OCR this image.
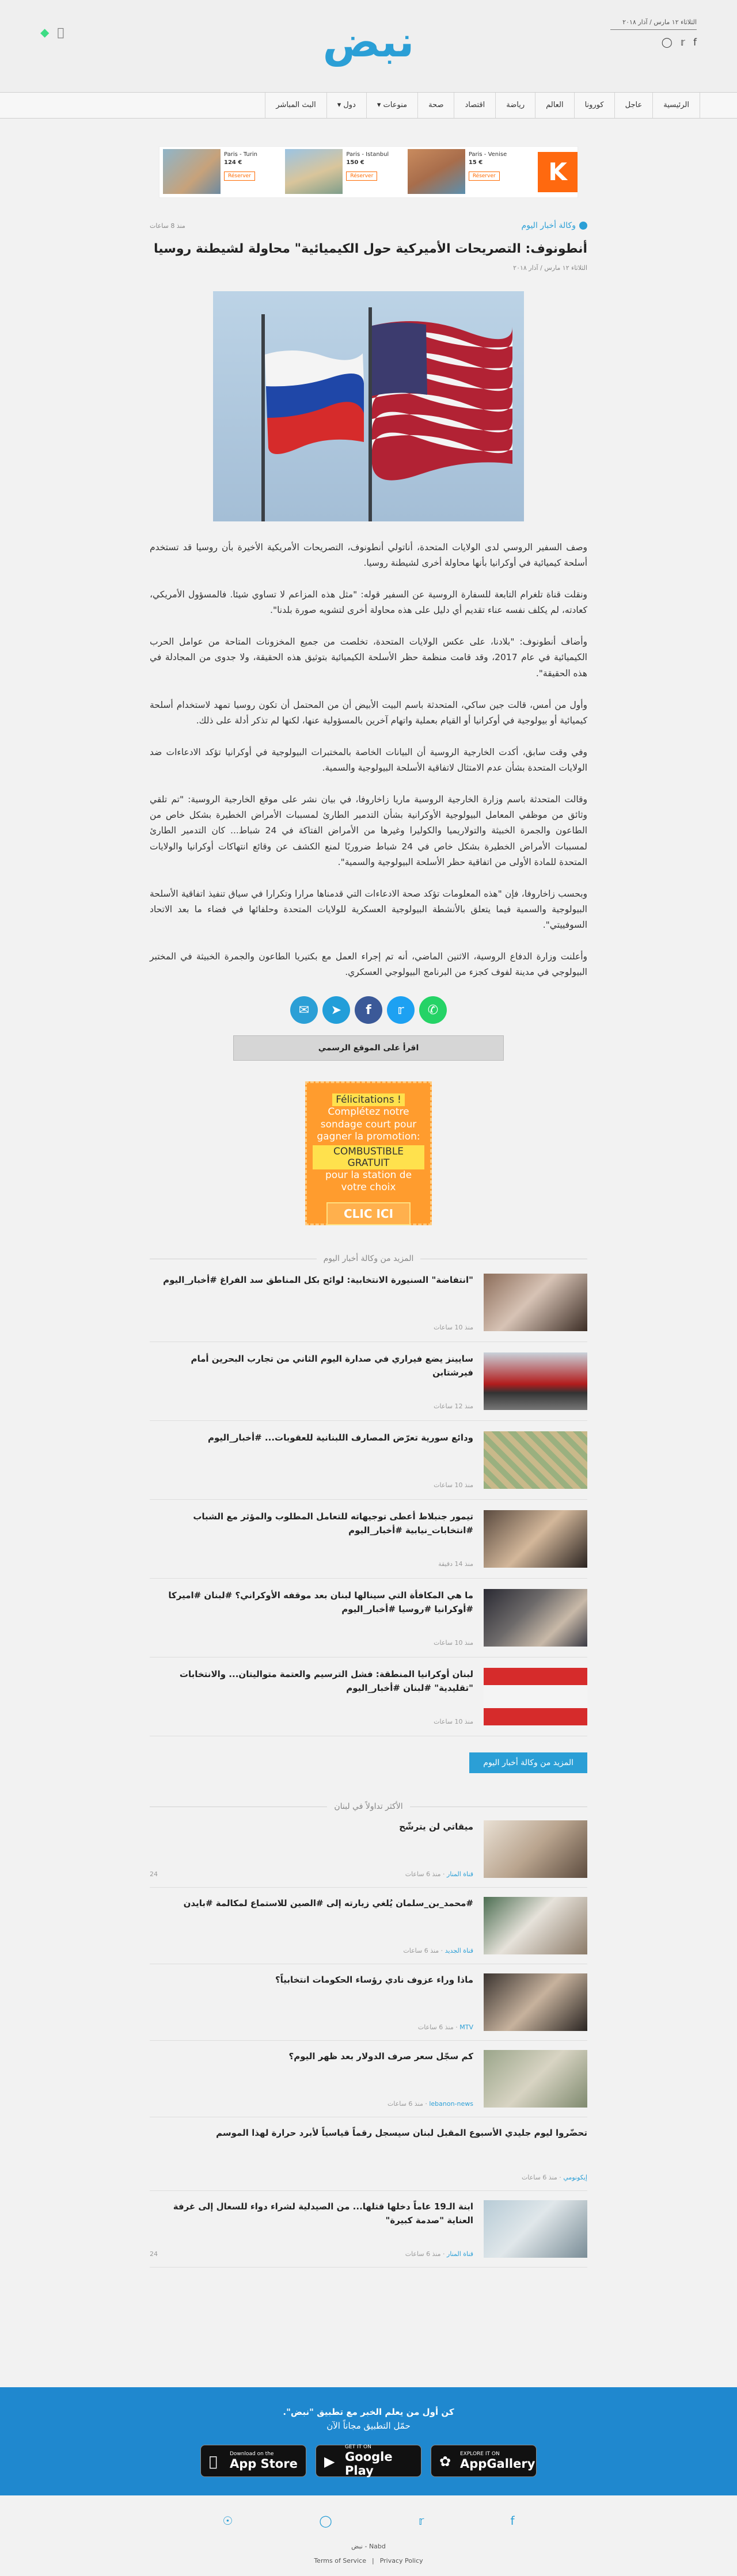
◆	نبض	الثلاثاء ١٢ مارس / آذار ٢٠١٨
f
𝕣
◯
الرئيسية
عاجل
كورونا
العالم
رياضة
اقتصاد
صحة
منوعات ▾
دول ▾
البث المباشر
Paris - Turin
124 €
Réserver
Paris - Istanbul
150 €
Réserver
Paris - Venise
15 €
Réserver	K
وكالة أخبار اليوم
منذ 8 ساعات
أنطونوف: التصريحات الأميركية حول الكيميائية" محاولة لشيطنة روسيا
الثلاثاء ١٢ مارس / آذار ٢٠١٨

وصف السفير الروسي لدى الولايات المتحدة، أناتولي أنطونوف، التصريحات الأمريكية الأخيرة بأن روسيا قد تستخدم أسلحة كيميائية في أوكرانيا بأنها محاولة أخرى لشيطنة روسيا.

ونقلت قناة تلغرام التابعة للسفارة الروسية عن السفير قوله: "مثل هذه المزاعم لا تساوي شيئا. فالمسؤول الأمريكي، كعادته، لم يكلف نفسه عناء تقديم أي دليل على هذه محاولة أخرى لتشويه صورة بلدنا".

وأضاف أنطونوف: "بلادنا، على عكس الولايات المتحدة، تخلصت من جميع المخزونات المتاحة من عوامل الحرب الكيميائية في عام 2017، وقد قامت منظمة حظر الأسلحة الكيميائية بتوثيق هذه الحقيقة، ولا جدوى من المجادلة في هذه الحقيقة".

وأول من أمس، قالت جين ساكي، المتحدثة باسم البيت الأبيض أن من المحتمل أن تكون روسيا تمهد لاستخدام أسلحة كيميائية أو بيولوجية في أوكرانيا أو القيام بعملية واتهام آخرين بالمسؤولية عنها، لكنها لم تذكر أدلة على ذلك.

وفي وقت سابق، أكدت الخارجية الروسية أن البيانات الخاصة بالمختبرات البيولوجية في أوكرانيا تؤكد الادعاءات ضد الولايات المتحدة بشأن عدم الامتثال لاتفاقية الأسلحة البيولوجية والسمية.

وقالت المتحدثة باسم وزارة الخارجية الروسية ماريا زاخاروفا، في بيان نشر على موقع الخارجية الروسية: "تم تلقي وثائق من موظفي المعامل البيولوجية الأوكرانية بشأن التدمير الطارئ لمسببات الأمراض الخطيرة بشكل خاص من الطاعون والجمرة الخبيثة والتولاريميا والكوليرا وغيرها من الأمراض الفتاكة في 24 شباط... كان التدمير الطارئ لمسببات الأمراض الخطيرة بشكل خاص في 24 شباط ضروريًا لمنع الكشف عن وقائع انتهاكات أوكرانيا والولايات المتحدة للمادة الأولى من اتفاقية حظر الأسلحة البيولوجية والسمية".

وبحسب زاخاروفا، فإن "هذه المعلومات تؤكد صحة الادعاءات التي قدمناها مرارا وتكرارا في سياق تنفيذ اتفاقية الأسلحة البيولوجية والسمية فيما يتعلق بالأنشطة البيولوجية العسكرية للولايات المتحدة وحلفائها في فضاء ما بعد الاتحاد السوفييتي".

وأعلنت وزارة الدفاع الروسية، الاثنين الماضي، أنه تم إجراء العمل مع بكتيريا الطاعون والجمرة الخبيثة في المختبر البيولوجي في مدينة لفوف كجزء من البرنامج البيولوجي العسكري.

✆
𝕣
f
➤
✉
اقرأ على الموقع الرسمي
Félicitations !
Complétez notre sondage court pour gagner la promotion:
COMBUSTIBLE GRATUIT
pour la station de votre choix
CLIC ICI
المزيد من وكالة أخبار اليوم
"انتفاضة" السنيورة الانتخابية: لوائح بكل المناطق سد الفراغ #أخبار_اليوم
منذ 10 ساعات
سايينز يضع فيراري في صدارة اليوم الثاني من تجارب البحرين أمام فيرشتابن
منذ 12 ساعات
ودائع سورية تعرّض المصارف اللبنانية للعقوبات... #أخبار_اليوم
منذ 10 ساعات
تيمور جنبلاط أعطى توجيهاته للتعامل المطلوب والمؤثر مع الشباب #انتخابات_نيابية #أخبار_اليوم
منذ 14 دقيقة
ما هي المكافأة التي سينالها لبنان بعد موقفه الأوكراني؟ #لبنان #اميركا #أوكرانيا #روسيا #أخبار_اليوم
منذ 10 ساعات
لبنان أوكرانيا المنطقة: فشل الترسيم والعتمة متواليتان... والانتخابات "تقليدية" #لبنان #أخبار_اليوم
منذ 10 ساعات
المزيد من وكالة أخبار اليوم
الأكثر تداولاً في لبنان
ميقاتي لن يترشّح
قناة المنار · منذ 6 ساعات
24
#محمد_بن_سلمان يُلغي زيارته إلى #الصين للاستماع لمكالمة #بايدن
قناة الجديد · منذ 6 ساعات
ماذا وراء عزوف نادي رؤساء الحكومات انتخابياً؟
MTV · منذ 6 ساعات
كم سجّل سعر صرف الدولار بعد ظهر اليوم؟
lebanon-news · منذ 6 ساعات
تحضّروا ليوم جليدي الأسبوع المقبل لبنان سيسجل رقماً قياسياً لأبرد حرارة لهذا الموسم
إيكونومي · منذ 6 ساعات
ابنة الـ19 عاماً دخلها قتلها... من الصيدلية لشراء دواء للسعال إلى غرفة العناية "صدمة كبيرة"
قناة المنار · منذ 6 ساعات
24
كن أول من يعلم الخبر مع تطبيق "نبض".
حمّل التطبيق مجاناً الآن
Download on the
App Store	▶
GET IT ON
Google Play
✿ EXPLORE IT ON
AppGallery
f
𝕣
◯
☉
Nabd - نبض
Terms of Service | Privacy Policy
